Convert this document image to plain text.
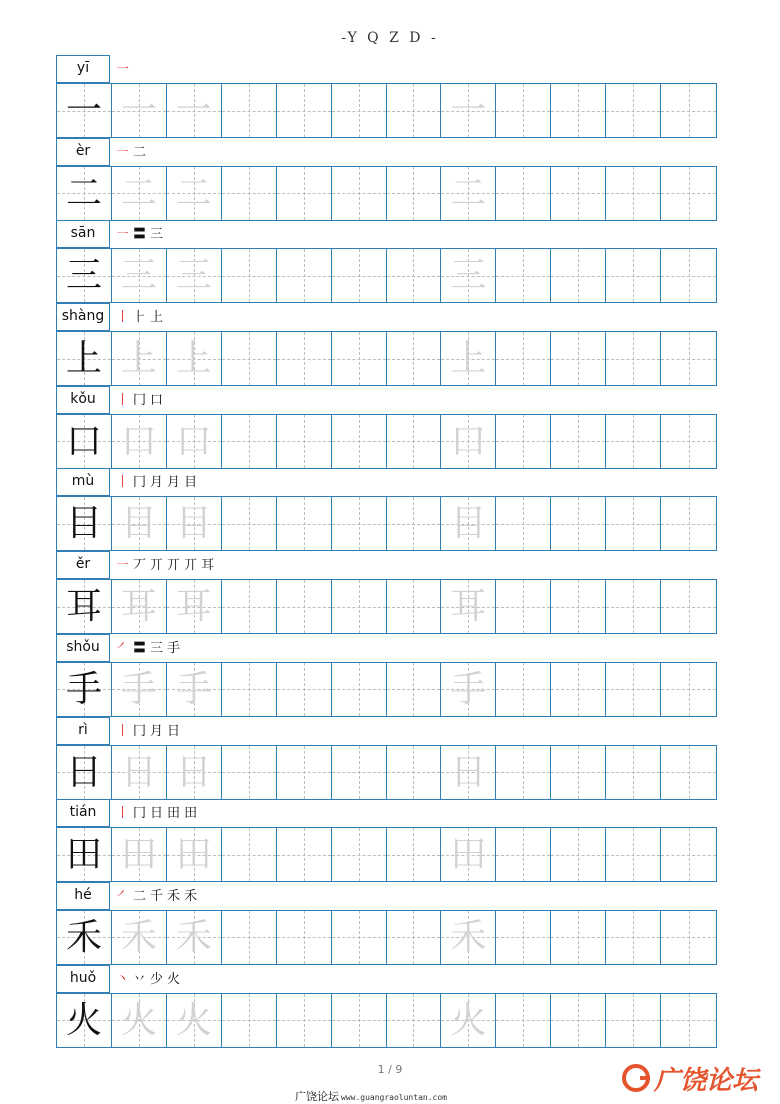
-Y Q Z D -
yī	一
一 一 一	一
èr	㇐ 二
二 二 二	二
sān	㇐ 〓 三
三 三 三	三
shàng 丨 ⺊ 上
上 上 上	上
kǒu	丨 冂 口
口 口 口	口
mù	丨 冂 月 月 目
目 目 目	目
ěr	㇐ 丆 丌 丌 丌 耳
耳 耳 耳	耳
shǒu	㇒ 〓 三 手
手 手 手	手
rì	丨 冂 月 日
日 日 日	日
tián	丨 冂 日 田 田
田 田 田	田
hé	㇒ 二 千 禾 禾
禾 禾 禾	禾
huǒ	丶 丷 少 火
火 火 火	火
1 / 9
广饶论坛 www.guangraoluntan.com
广饶论坛
